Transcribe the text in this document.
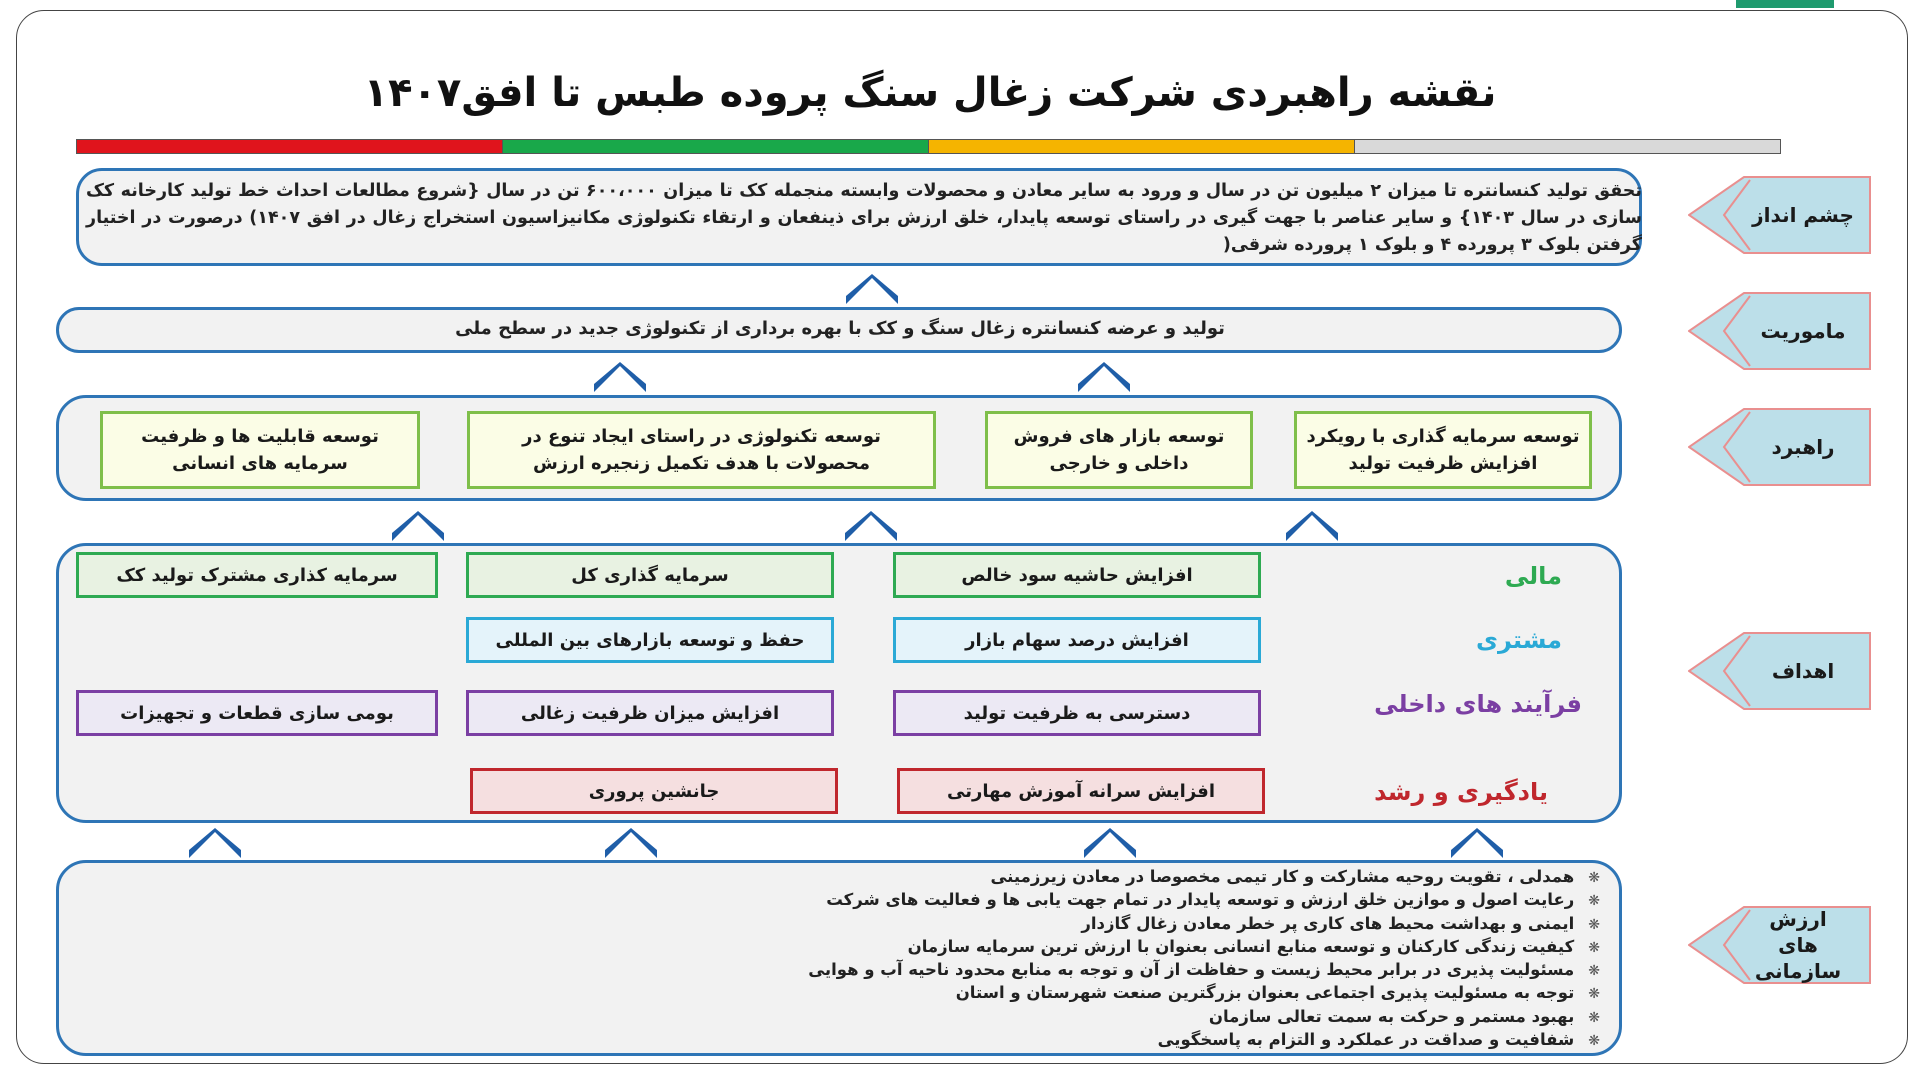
نقشه راهبردی شرکت زغال سنگ پروده طبس تا افق۱۴۰۷
تحقق تولید کنسانتره تا میزان ۲ میلیون تن در سال و ورود به سایر معادن و محصولات وابسته منجمله کک تا میزان ۶۰۰،۰۰۰ تن در سال {شروع مطالعات احداث خط تولید کارخانه کک سازی در سال ۱۴۰۳} و سایر عناصر با جهت گیری در راستای توسعه پایدار، خلق ارزش برای ذینفعان و ارتقاء تکنولوژی مکانیزاسیون استخراج زغال در افق ۱۴۰۷) درصورت در اختیار گرفتن بلوک ۳ پرورده ۴ و بلوک ۱ پرورده شرقی(
تولید و عرضه کنسانتره زغال سنگ و کک با بهره برداری از تکنولوژی جدید در سطح ملی
توسعه سرمایه گذاری با رویکرد افزایش ظرفیت تولید
توسعه بازار های فروش داخلی و خارجی
توسعه تکنولوژی در راستای ایجاد تنوع در محصولات با هدف تکمیل زنجیره ارزش
توسعه قابلیت ها و ظرفیت سرمایه های انسانی
مالی
افزایش حاشیه سود خالص
سرمایه گذاری کل
سرمایه کذاری مشترک تولید کک
مشتری
افزایش درصد سهام بازار
حفظ و توسعه بازارهای بین المللی
فرآیند های داخلی
دسترسی به ظرفیت تولید
افزایش میزان ظرفیت زغالی
بومی سازی قطعات و تجهیزات
یادگیری و رشد
افزایش سرانه آموزش مهارتی
جانشین پروری
❋همدلی ، تقویت روحیه مشارکت و کار تیمی مخصوصا در معادن زیرزمینی
❋رعایت اصول و موازین خلق ارزش و توسعه پایدار در تمام جهت یابی ها و فعالیت های شرکت
❋ایمنی و بهداشت محیط های کاری پر خطر معادن زغال گازدار
❋کیفیت زندگی کارکنان و توسعه منابع انسانی بعنوان با ارزش ترین سرمایه سازمان
❋مسئولیت پذیری در برابر محیط زیست و حفاظت از آن و توجه به منابع محدود ناحیه آب و هوایی
❋توجه به مسئولیت پذیری اجتماعی بعنوان بزرگترین صنعت شهرستان و استان
❋بهبود مستمر و حرکت به سمت تعالی سازمان
❋شفافیت و صداقت در عملکرد و التزام به پاسخگویی
چشم انداز
ماموریت
راهبرد
اهداف
ارزش های سازمانی
